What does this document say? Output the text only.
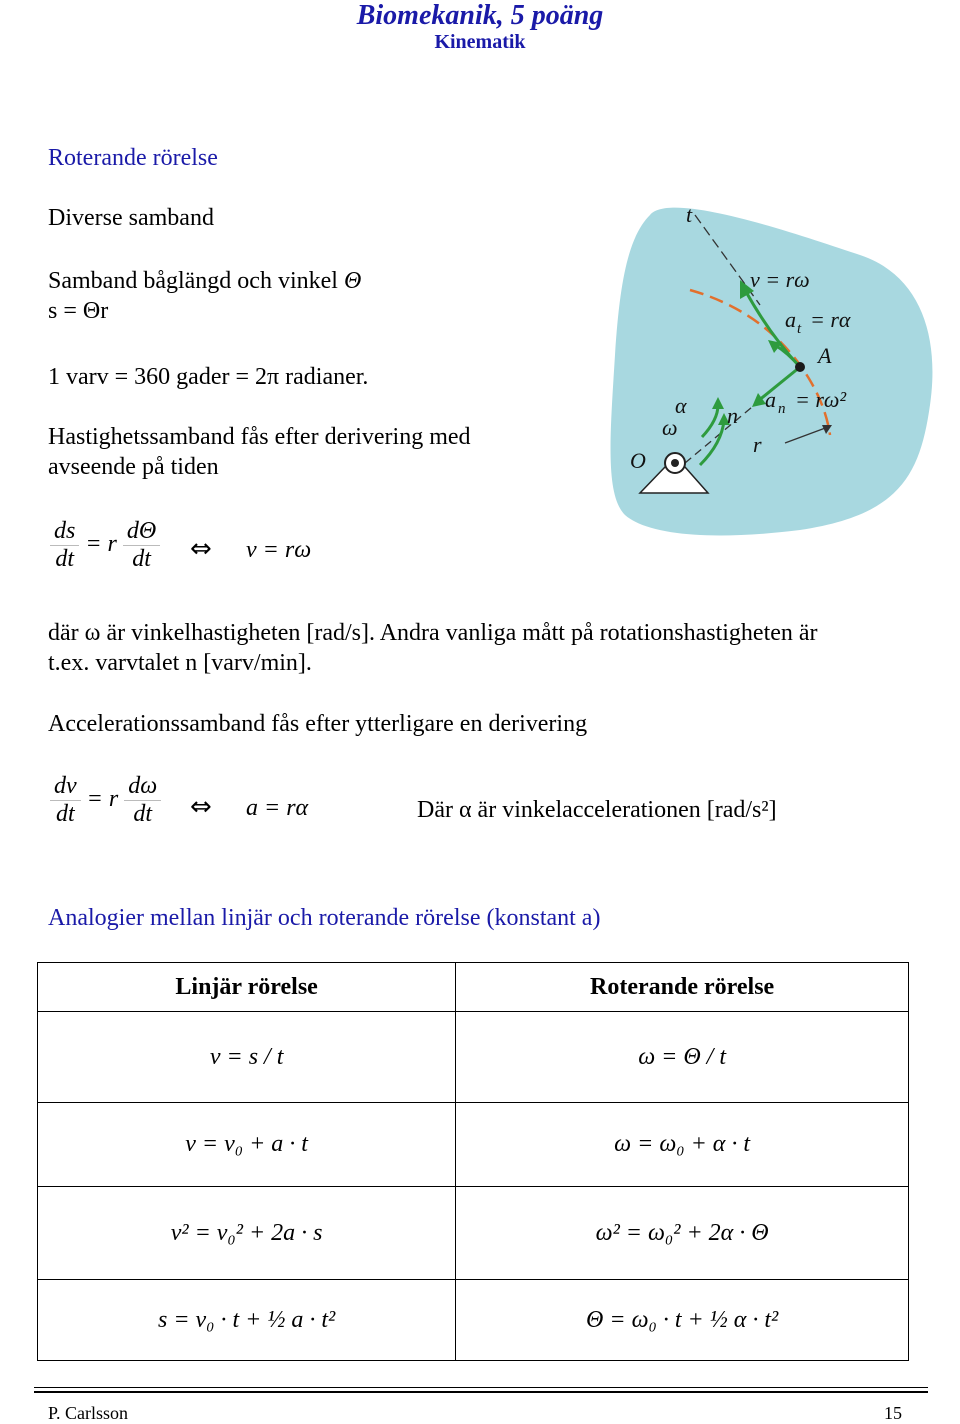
Biomekanik, 5 poäng
Kinematik
Roterande rörelse
Diverse samband
Samband båglängd och vinkel Θ
s = Θr
1 varv = 360 gader = 2π radianer.
Hastighetssamband fås efter derivering med
avseende på tiden
$\frac{ds}{dt} = r \frac{d\Theta}{dt}$ ⇔ v = rω
t
v = rω
a t = rα
A
a n = rω²
n
r
α
ω
O
där ω är vinkelhastigheten [rad/s]. Andra vanliga mått på rotationshastigheten är
t.ex. varvtalet n [varv/min].
Accelerationssamband fås efter ytterligare en derivering
$\frac{dv}{dt} = r \frac{d\omega}{dt}$ ⇔ a = rα	Där α är vinkelaccelerationen [rad/s²]
Analogier mellan linjär och roterande rörelse (konstant a)
Linjär rörelse	Roterande rörelse
v = s / t	ω = Θ / t
v = v₀ + a · t	ω = ω₀ + α · t
v² = v₀² + 2a · s	ω² = ω₀² + 2α · Θ
s = v₀ · t + ½ a · t²	Θ = ω₀ · t + ½ α · t²
P. Carlsson	15
